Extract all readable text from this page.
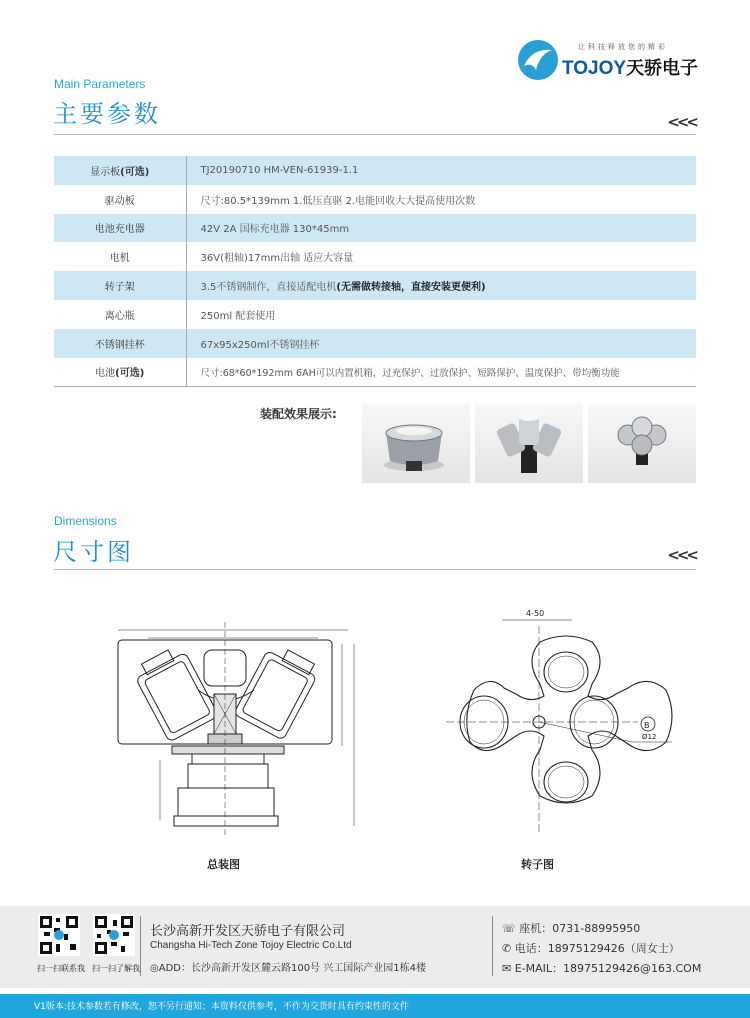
让科技释放您的精彩
TOJOY天骄电子
Main Parameters
主要参数	<<<
显示板(可选)	TJ20190710 HM-VEN-61939-1.1
驱动板	尺寸:80.5*139mm 1.低压直驱 2.电能回收大大提高使用次数
电池充电器	42V 2A 国标充电器 130*45mm
电机	36V(粗轴)17mm出轴 适应大容量
转子架	3.5不锈钢制作，直接适配电机(无需做转接轴，直接安装更便利)
离心瓶	250ml 配套使用
不锈钢挂杯	67x95x250ml不锈钢挂杯
电池(可选)	尺寸:68*60*192mm 6AH可以内置机箱，过充保护、过放保护、短路保护、温度保护、带均衡功能
装配效果展示:
Dimensions
尺寸图	<<<
总装图
4-50
B
Ø12
转子图
扫一扫联系我 扫一扫了解我
长沙高新开发区天骄电子有限公司
Changsha Hi-Tech Zone Tojoy Electric Co.Ltd
◎ADD：长沙高新开发区麓云路100号 兴工国际产业园1栋4楼
☏ 座机：0731-88995950
✆ 电话：18975129426（周女士）
✉ E-MAIL：18975129426@163.COM
V1版本:技术参数若有修改，恕不另行通知；本资料仅供参考，不作为交货时具有约束性的文件
